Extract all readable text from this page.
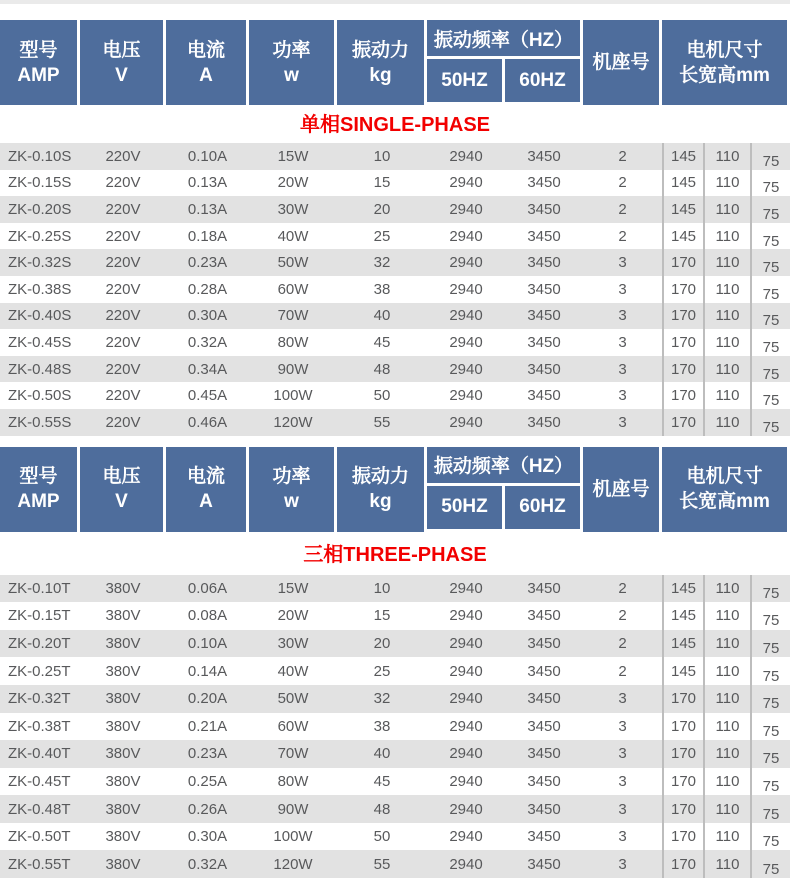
型号
AMP
电压
V
电流
A
功率
w
振动力
kg
振动频率（HZ）
50HZ 60HZ
机座号
电机尺寸
长宽高mm
单相SINGLE-PHASE
ZK-0.10S	220V	0.10A	15W	10	2940	3450	2	145	110	75
ZK-0.15S	220V	0.13A	20W	15	2940	3450	2	145	110	75
ZK-0.20S	220V	0.13A	30W	20	2940	3450	2	145	110	75
ZK-0.25S	220V	0.18A	40W	25	2940	3450	2	145	110	75
ZK-0.32S	220V	0.23A	50W	32	2940	3450	3	170	110	75
ZK-0.38S	220V	0.28A	60W	38	2940	3450	3	170	110	75
ZK-0.40S	220V	0.30A	70W	40	2940	3450	3	170	110	75
ZK-0.45S	220V	0.32A	80W	45	2940	3450	3	170	110	75
ZK-0.48S	220V	0.34A	90W	48	2940	3450	3	170	110	75
ZK-0.50S	220V	0.45A	100W	50	2940	3450	3	170	110	75
ZK-0.55S	220V	0.46A	120W	55	2940	3450	3	170	110	75
型号
AMP
电压
V
电流
A
功率
w
振动力
kg
振动频率（HZ）
50HZ 60HZ
机座号
电机尺寸
长宽高mm
三相THREE-PHASE
ZK-0.10T	380V	0.06A	15W	10	2940	3450	2	145	110	75
ZK-0.15T	380V	0.08A	20W	15	2940	3450	2	145	110	75
ZK-0.20T	380V	0.10A	30W	20	2940	3450	2	145	110	75
ZK-0.25T	380V	0.14A	40W	25	2940	3450	2	145	110	75
ZK-0.32T	380V	0.20A	50W	32	2940	3450	3	170	110	75
ZK-0.38T	380V	0.21A	60W	38	2940	3450	3	170	110	75
ZK-0.40T	380V	0.23A	70W	40	2940	3450	3	170	110	75
ZK-0.45T	380V	0.25A	80W	45	2940	3450	3	170	110	75
ZK-0.48T	380V	0.26A	90W	48	2940	3450	3	170	110	75
ZK-0.50T	380V	0.30A	100W	50	2940	3450	3	170	110	75
ZK-0.55T	380V	0.32A	120W	55	2940	3450	3	170	110	75
